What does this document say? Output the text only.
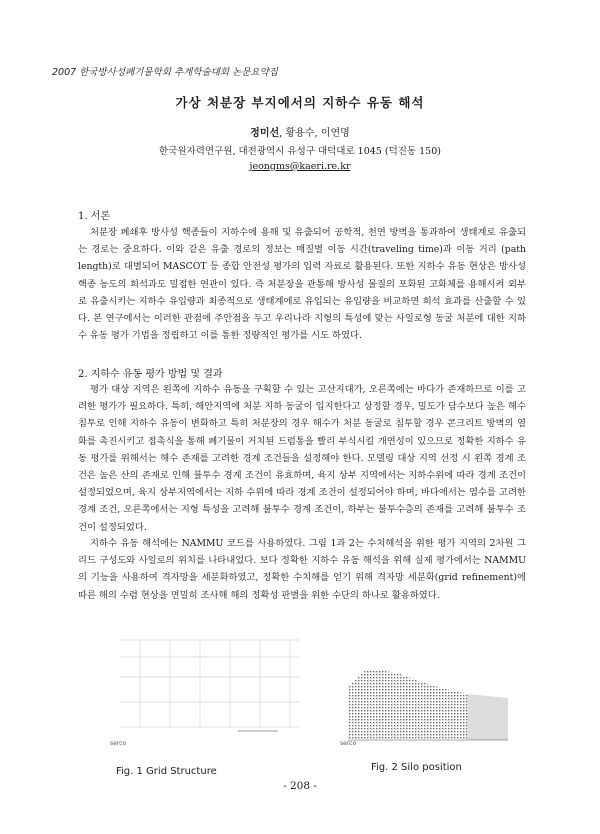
2007 한국방사성폐기물학회 추계학술대회 논문요약집
가상 처분장 부지에서의 지하수 유동 해석
정미선, 황용수, 이연명
한국원자력연구원, 대전광역시 유성구 대덕대로 1045 (덕진동 150)
jeongms@kaeri.re.kr
1. 서론

처분장 폐쇄후 방사성 핵종들이 지하수에 용해 및 유출되어 공학적, 천연 방벽을 통과하여 생태계로 유출되는 경로는 중요하다. 이와 같은 유출 경로의 정보는 매질별 이동 시간(traveling time)과 이동 거리 (path length)로 대별되어 MASCOT 등 종합 안전성 평가의 입력 자료로 활용된다. 또한 지하수 유동 현상은 방사성 핵종 농도의 희석과도 밀접한 연관이 있다. 즉 처분장을 관통해 방사성 물질의 포화된 고화체를 용해시켜 외부로 유출시키는 지하수 유입량과 최종적으로 생태계에로 유입되는 유입량을 비교하면 희석 효과를 산출할 수 있다. 본 연구에서는 이러한 관점에 주안점을 두고 우리나라 지형의 특성에 맞는 사일로형 동굴 처분에 대한 지하수 유동 평가 기법을 정립하고 이를 통한 정량적인 평가를 시도 하였다.

2. 지하수 유동 평가 방법 및 결과

평가 대상 지역은 왼쪽에 지하수 유동을 구획할 수 있는 고산지대가, 오른쪽에는 바다가 존재하므로 이를 고려한 평가가 필요하다. 특히, 해안지역에 처분 지하 동굴이 입지한다고 상정할 경우, 밀도가 담수보다 높은 해수 침투로 인해 지하수 유동이 변화하고 특히 처분장의 경우 해수가 처분 동굴로 침투할 경우 콘크리트 방벽의 열화를 촉진시키고 접촉식을 통해 폐기물이 거치된 드럼통을 빨리 부식시킬 개연성이 있으므로 정확한 지하수 유동 평가를 위해서는 해수 존재를 고려한 경계 조건들을 설정해야 한다. 모델링 대상 지역 선정 시 왼쪽 경계 조건은 높은 산의 존재로 인해 불투수 경계 조건이 유효하며, 육지 상부 지역에서는 지하수위에 따라 경계 조건이 설정되었으며, 육지 상부지역에서는 지하 수위에 따라 경계 조건이 설정되어야 하며, 바다에서는 염수를 고려한 경계 조건, 오른쪽에서는 지형 특성을 고려해 불투수 경계 조건이, 하부는 불투수층의 존재를 고려해 불투수 조건이 설정되었다.

지하수 유동 해석에는 NAMMU 코드를 사용하였다. 그림 1과 2는 수치해석을 위한 평가 지역의 2차원 그리드 구성도와 사일로의 위치를 나타내었다. 보다 정확한 지하수 유동 해석을 위해 실제 평가에서는 NAMMU의 기능을 사용하여 격자망을 세분화하였고, 정확한 수치해를 얻기 위해 격자망 세분화(grid refinement)에 따른 해의 수렴 현상을 면밀히 조사해 해의 정확성 판별을 위한 수단의 하나로 활용하였다.

serco
Fig. 1 Grid Structure
serco
Fig. 2 Silo position
- 208 -
